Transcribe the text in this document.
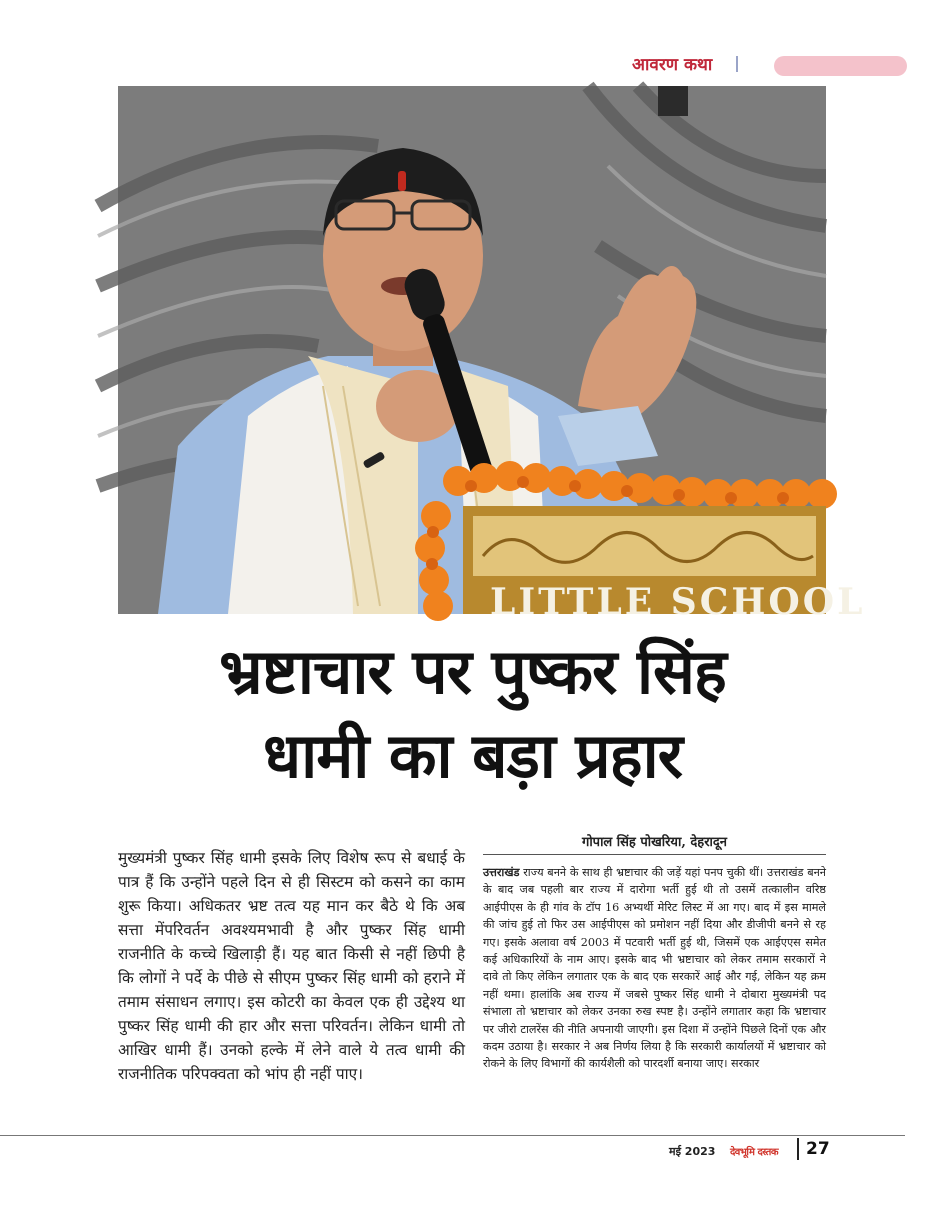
आवरण कथा
LITTLE SCHOOL
भ्रष्टाचार पर पुष्कर सिंह
धामी का बड़ा प्रहार
मुख्यमंत्री पुष्कर सिंह धामी इसके लिए विशेष रूप से बधाई के पात्र हैं कि उन्होंने पहले दिन से ही सिस्टम को कसने का काम शुरू किया। अधिकतर भ्रष्ट तत्व यह मान कर बैठे थे कि अब सत्ता मेंपरिवर्तन अवश्यमभावी है और पुष्कर सिंह धामी राजनीति के कच्चे खिलाड़ी हैं। यह बात किसी से नहीं छिपी है कि लोगों ने पर्दे के पीछे से सीएम पुष्कर सिंह धामी को हराने में तमाम संसाधन लगाए। इस कोटरी का केवल एक ही उद्देश्य था पुष्कर सिंह धामी की हार और सत्ता परिवर्तन। लेकिन धामी तो आखिर धामी हैं। उनको हल्के में लेने वाले ये तत्व धामी की राजनीतिक परिपक्वता को भांप ही नहीं पाए।
गोपाल सिंह पोखरिया, देहरादून
उत्तराखंड राज्य बनने के साथ ही भ्रष्टाचार की जड़ें यहां पनप चुकी थीं। उत्तराखंड बनने के बाद जब पहली बार राज्य में दारोगा भर्ती हुई थी तो उसमें तत्कालीन वरिष्ठ आईपीएस के ही गांव के टॉप 16 अभ्यर्थी मेरिट लिस्ट में आ गए। बाद में इस मामले की जांच हुई तो फिर उस आईपीएस को प्रमोशन नहीं दिया और डीजीपी बनने से रह गए। इसके अलावा वर्ष 2003 में पटवारी भर्ती हुई थी, जिसमें एक आईएएस समेत कई अधिकारियों के नाम आए। इसके बाद भी भ्रष्टाचार को लेकर तमाम सरकारों ने दावे तो किए लेकिन लगातार एक के बाद एक सरकारें आई और गई, लेकिन यह क्रम नहीं थमा। हालांकि अब राज्य में जबसे पुष्कर सिंह धामी ने दोबारा मुख्यमंत्री पद संभाला तो भ्रष्टाचार को लेकर उनका रुख स्पष्ट है। उन्होंने लगातार कहा कि भ्रष्टाचार पर जीरो टालरेंस की नीति अपनायी जाएगी। इस दिशा में उन्होंने पिछले दिनों एक और कदम उठाया है। सरकार ने अब निर्णय लिया है कि सरकारी कार्यालयों में भ्रष्टाचार को रोकने के लिए विभागों की कार्यशैली को पारदर्शी बनाया जाए। सरकार
मई 2023 देवभूमि दस्तक 27
